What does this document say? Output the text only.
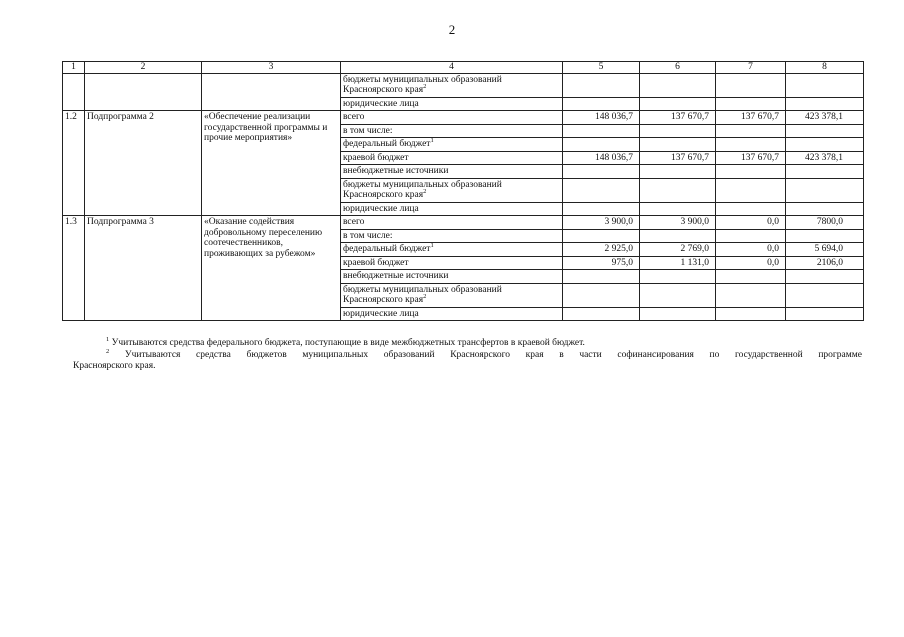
2
1	2	3	4	5	6	7	8
			бюджеты муниципальных образований Красноярского края$^2$				
			юридические лица				
1.2	Подпрограмма 2	«Обеспечение реализации государственной программы и прочие мероприятия»	всего	148 036,7	137 670,7	137 670,7	423 378,1
			в том числе:				
			федеральный бюджет$^1$				
			краевой бюджет	148 036,7	137 670,7	137 670,7	423 378,1
			внебюджетные источники				
			бюджеты муниципальных образований Красноярского края$^2$				
			юридические лица				
1.3	Подпрограмма 3	«Оказание содействия добровольному переселению соотечественников, проживающих за рубежом»	всего	3 900,0	3 900,0	0,0	7800,0
			в том числе:				
			федеральный бюджет$^1$	2 925,0	2 769,0	0,0	5 694,0
			краевой бюджет	975,0	1 131,0	0,0	2106,0
			внебюджетные источники				
			бюджеты муниципальных образований Красноярского края$^2$				
			юридические лица				
$^1$ Учитываются средства федерального бюджета, поступающие в виде межбюджетных трансфертов в краевой бюджет.
$^2$ Учитываются средства бюджетов муниципальных образований Красноярского края в части софинансирования по государственной программе
Красноярского края.
